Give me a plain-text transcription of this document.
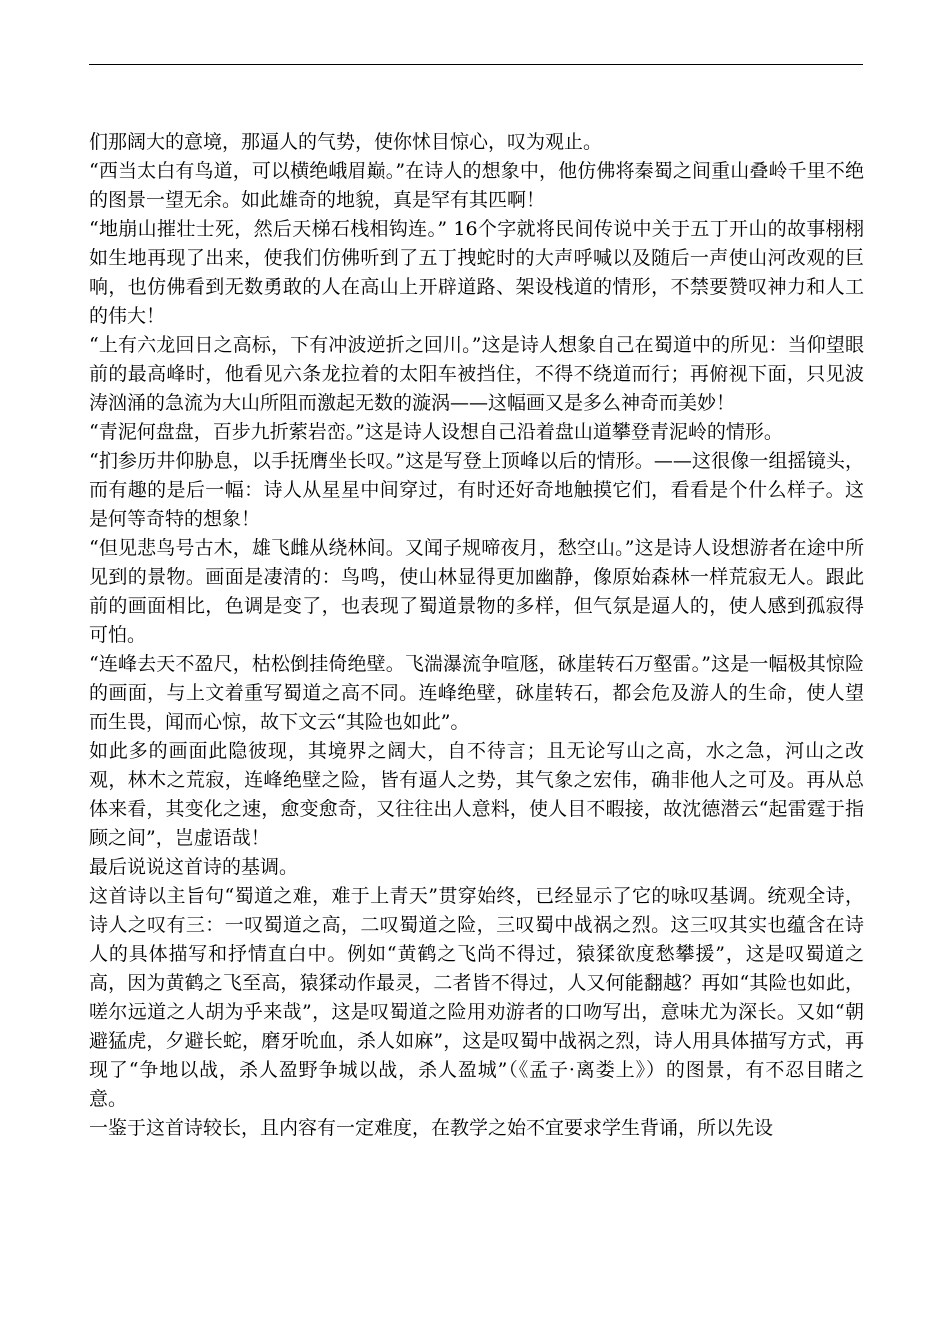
们那阔大的意境，那逼人的气势，使你怵目惊心，叹为观止。

“西当太白有鸟道，可以横绝峨眉巅。”在诗人的想象中，他仿佛将秦蜀之间重山叠岭千里不绝的图景一望无余。如此雄奇的地貌，真是罕有其匹啊！

“地崩山摧壮士死，然后天梯石栈相钩连。” 16个字就将民间传说中关于五丁开山的故事栩栩如生地再现了出来，使我们仿佛听到了五丁拽蛇时的大声呼喊以及随后一声使山河改观的巨响，也仿佛看到无数勇敢的人在高山上开辟道路、架设栈道的情形，不禁要赞叹神力和人工的伟大！

“上有六龙回日之高标，下有冲波逆折之回川。”这是诗人想象自己在蜀道中的所见：当仰望眼前的最高峰时，他看见六条龙拉着的太阳车被挡住，不得不绕道而行；再俯视下面，只见波涛汹涌的急流为大山所阻而激起无数的漩涡——这幅画又是多么神奇而美妙！

“青泥何盘盘，百步九折萦岩峦。”这是诗人设想自己沿着盘山道攀登青泥岭的情形。

“扪参历井仰胁息，以手抚膺坐长叹。”这是写登上顶峰以后的情形。——这很像一组摇镜头，而有趣的是后一幅：诗人从星星中间穿过，有时还好奇地触摸它们，看看是个什么样子。这是何等奇特的想象！

“但见悲鸟号古木，雄飞雌从绕林间。又闻子规啼夜月，愁空山。”这是诗人设想游者在途中所见到的景物。画面是凄清的：鸟鸣，使山林显得更加幽静，像原始森林一样荒寂无人。跟此前的画面相比，色调是变了，也表现了蜀道景物的多样，但气氛是逼人的，使人感到孤寂得可怕。

“连峰去天不盈尺，枯松倒挂倚绝壁。飞湍瀑流争喧豗，砯崖转石万壑雷。”这是一幅极其惊险的画面，与上文着重写蜀道之高不同。连峰绝壁，砯崖转石，都会危及游人的生命，使人望而生畏，闻而心惊，故下文云“其险也如此”。

如此多的画面此隐彼现，其境界之阔大，自不待言；且无论写山之高，水之急，河山之改观，林木之荒寂，连峰绝壁之险，皆有逼人之势，其气象之宏伟，确非他人之可及。再从总体来看，其变化之速，愈变愈奇，又往往出人意料，使人目不暇接，故沈德潜云“起雷霆于指顾之间”，岂虚语哉！

最后说说这首诗的基调。

这首诗以主旨句“蜀道之难，难于上青天”贯穿始终，已经显示了它的咏叹基调。统观全诗，诗人之叹有三：一叹蜀道之高，二叹蜀道之险，三叹蜀中战祸之烈。这三叹其实也蕴含在诗人的具体描写和抒情直白中。例如“黄鹤之飞尚不得过，猿猱欲度愁攀援”，这是叹蜀道之高，因为黄鹤之飞至高，猿猱动作最灵，二者皆不得过，人又何能翻越？再如“其险也如此，嗟尔远道之人胡为乎来哉”，这是叹蜀道之险用劝游者的口吻写出，意味尤为深长。又如“朝避猛虎，夕避长蛇，磨牙吮血，杀人如麻”，这是叹蜀中战祸之烈，诗人用具体描写方式，再现了“争地以战，杀人盈野争城以战，杀人盈城”（《孟子·离娄上》）的图景，有不忍目睹之意。

一鉴于这首诗较长，且内容有一定难度，在教学之始不宜要求学生背诵，所以先设
